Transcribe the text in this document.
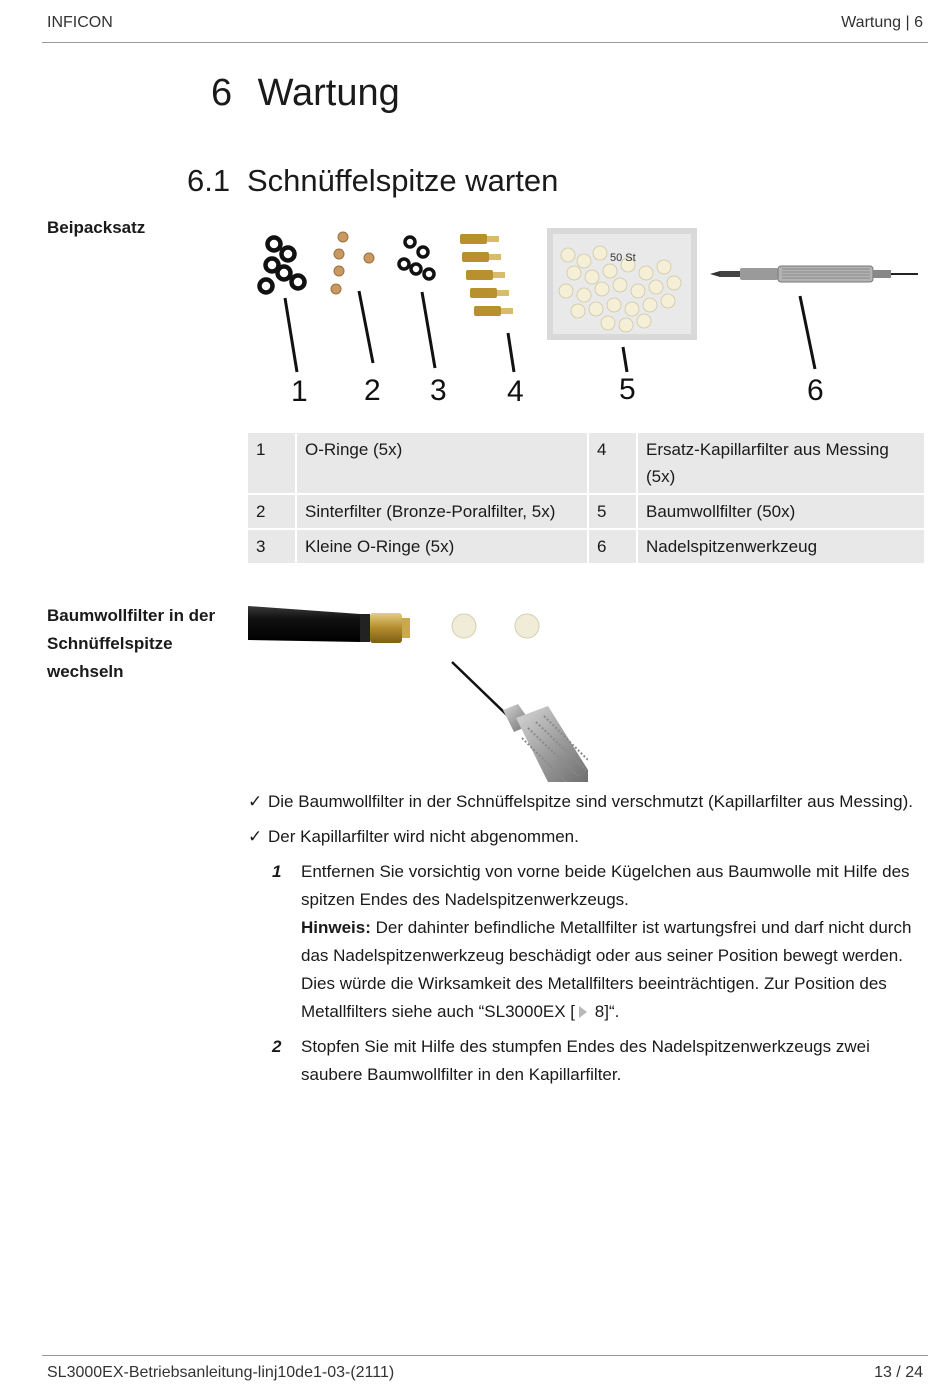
INFICON	Wartung | 6
6 Wartung
6.1 Schnüffelspitze warten
Beipacksatz
50 St
1 2 3 4	5	6
1	O-Ringe (5x)	4	Ersatz-Kapillarfilter aus Messing (5x)
2	Sinterfilter (Bronze-Poralfilter, 5x)	5	Baumwollfilter (50x)
3	Kleine O-Ringe (5x)	6	Nadelspitzenwerkzeug
Baumwollfilter in der Schnüffelspitze wechseln
✓ Die Baumwollfilter in der Schnüffelspitze sind verschmutzt (Kapillarfilter aus Messing).
✓ Der Kapillarfilter wird nicht abgenommen.
1 Entfernen Sie vorsichtig von vorne beide Kügelchen aus Baumwolle mit Hilfe des spitzen Endes des Nadelspitzenwerkzeugs.
Hinweis: Der dahinter befindliche Metallfilter ist wartungsfrei und darf nicht durch das Nadelspitzenwerkzeug beschädigt oder aus seiner Position bewegt werden. Dies würde die Wirksamkeit des Metallfilters beeinträchtigen. Zur Position des Metallfilters siehe auch “SL3000EX [ 8]“.
2 Stopfen Sie mit Hilfe des stumpfen Endes des Nadelspitzenwerkzeugs zwei saubere Baumwollfilter in den Kapillarfilter.
SL3000EX-Betriebsanleitung-linj10de1-03-(2111)	13 / 24
